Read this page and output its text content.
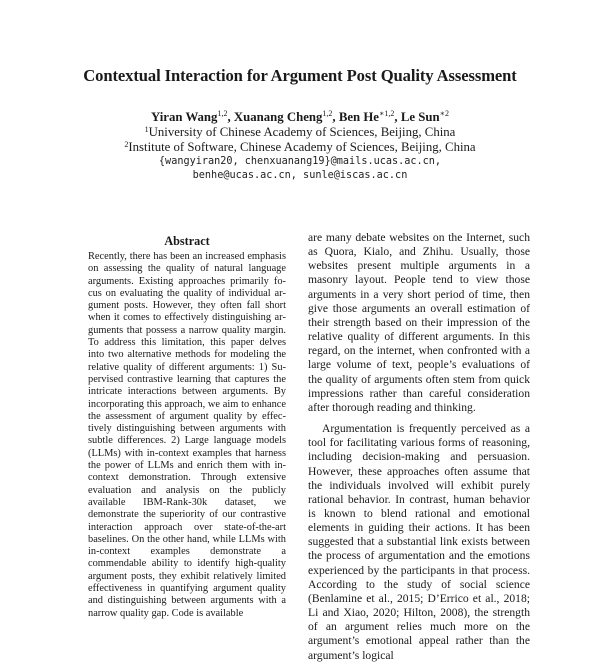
Contextual Interaction for Argument Post Quality Assessment
Yiran Wang$^{1,2}$, Xuanang Cheng$^{1,2}$, Ben $He^{∗1,2}$, Le Sun$^{∗2}$
$^1$University of Chinese Academy of Sciences, Beijing, China
$^2$Institute of Software, Chinese Academy of Sciences, Beijing, China
{wangyiran20, chenxuanang19}@mails.ucas.ac.cn,
benhe@ucas.ac.cn, sunle@iscas.ac.cn
Abstract

Recently, there has been an increased emphasis on assessing the quality of natural language arguments. Existing approaches primarily focus on evaluating the quality of individual argument posts. However, they often fall short when it comes to effectively distinguishing arguments that possess a narrow quality margin. To address this limitation, this paper delves into two alternative methods for modeling the relative quality of different arguments: 1) Supervised contrastive learning that captures the intricate interactions between arguments. By incorporating this approach, we aim to enhance the assessment of argument quality by effectively distinguishing between arguments with subtle differences. 2) Large language models (LLMs) with in-context examples that harness the power of LLMs and enrich them with in-context demonstration. Through extensive evaluation and analysis on the publicly available IBM-Rank-30k dataset, we demonstrate the superiority of our contrastive interaction approach over state-of-the-art baselines. On the other hand, while LLMs with in-context examples demonstrate a commendable ability to identify high-quality argument posts, they exhibit relatively limited effectiveness in quantifying argument quality and distinguishing between arguments with a narrow quality gap. Code is available

are many debate websites on the Internet, such as Quora, Kialo, and Zhihu. Usually, those websites present multiple arguments in a masonry layout. People tend to view those arguments in a very short period of time, then give those arguments an overall estimation of their strength based on their impression of the relative quality of different arguments. In this regard, on the internet, when confronted with a large volume of text, people’s evaluations of the quality of arguments often stem from quick impressions rather than careful consideration after thorough reading and thinking.

Argumentation is frequently perceived as a tool for facilitating various forms of reasoning, including decision-making and persuasion. However, these approaches often assume that the individuals involved will exhibit purely rational behavior. In contrast, human behavior is known to blend rational and emotional elements in guiding their actions. It has been suggested that a substantial link exists between the process of argumentation and the emotions experienced by the participants in that process. According to the study of social science (Benlamine et al., 2015; D’Errico et al., 2018; Li and Xiao, 2020; Hilton, 2008), the strength of an argument relies much more on the argument’s emotional appeal rather than the argument’s logical
